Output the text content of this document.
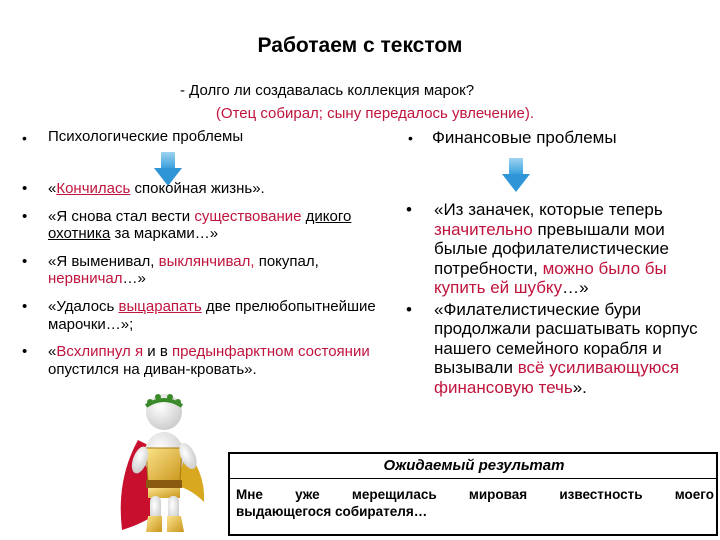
Работаем с текстом
- Долго ли создавалась коллекция марок?
(Отец собирал; сыну передалось увлечение).
• Психологические проблемы	• Финансовые проблемы
• «Кончилась спокойная жизнь».
• «Я снова стал вести существование дикого охотника за марками…»
• «Я выменивал, выклянчивал, покупал, нервничал…»
• «Удалось выцарапать две прелюбопытнейшие марочки…»;
• «Всхлипнул я и в предынфарктном состоянии опустился на диван-кровать».
• «Из заначек, которые теперь значительно превышали мои былые дофилателистические потребности, можно было бы купить ей шубку…»
• «Филателистические бури продолжали расшатывать корпус нашего семейного корабля и вызывали всё усиливающуюся финансовую течь».
Ожидаемый результат
Мне уже мерещилась мировая известность моего
выдающегося собирателя…
